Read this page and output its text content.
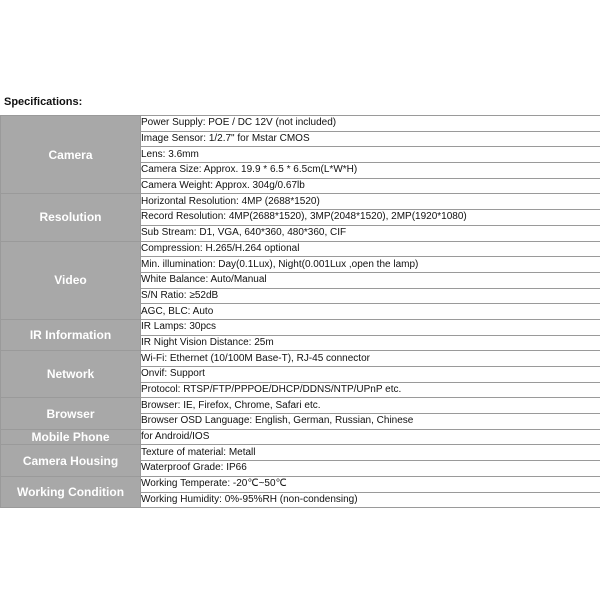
Specifications:
Camera	Power Supply: POE / DC 12V (not included)
	Image Sensor: 1/2.7" for Mstar CMOS
	Lens: 3.6mm
	Camera Size: Approx. 19.9 * 6.5 * 6.5cm(L*W*H)
	Camera Weight: Approx. 304g/0.67lb
Resolution	Horizontal Resolution: 4MP (2688*1520)
	Record Resolution: 4MP(2688*1520), 3MP(2048*1520), 2MP(1920*1080)
	Sub Stream: D1, VGA, 640*360, 480*360, CIF
Video	Compression: H.265/H.264 optional
	Min. illumination: Day(0.1Lux), Night(0.001Lux ,open the lamp)
	White Balance: Auto/Manual
	S/N Ratio: ≥52dB
	AGC, BLC: Auto
IR Information	IR Lamps: 30pcs
	IR Night Vision Distance: 25m
Network	Wi-Fi: Ethernet (10/100M Base-T), RJ-45 connector
	Onvif: Support
	Protocol: RTSP/FTP/PPPOE/DHCP/DDNS/NTP/UPnP etc.
Browser	Browser: IE, Firefox, Chrome, Safari etc.
	Browser OSD Language: English, German, Russian, Chinese
Mobile Phone	for Android/IOS
Camera Housing	Texture of material: Metall
	Waterproof Grade: IP66
Working Condition	Working Temperate: -20℃~50℃
	Working Humidity: 0%-95%RH (non-condensing)
